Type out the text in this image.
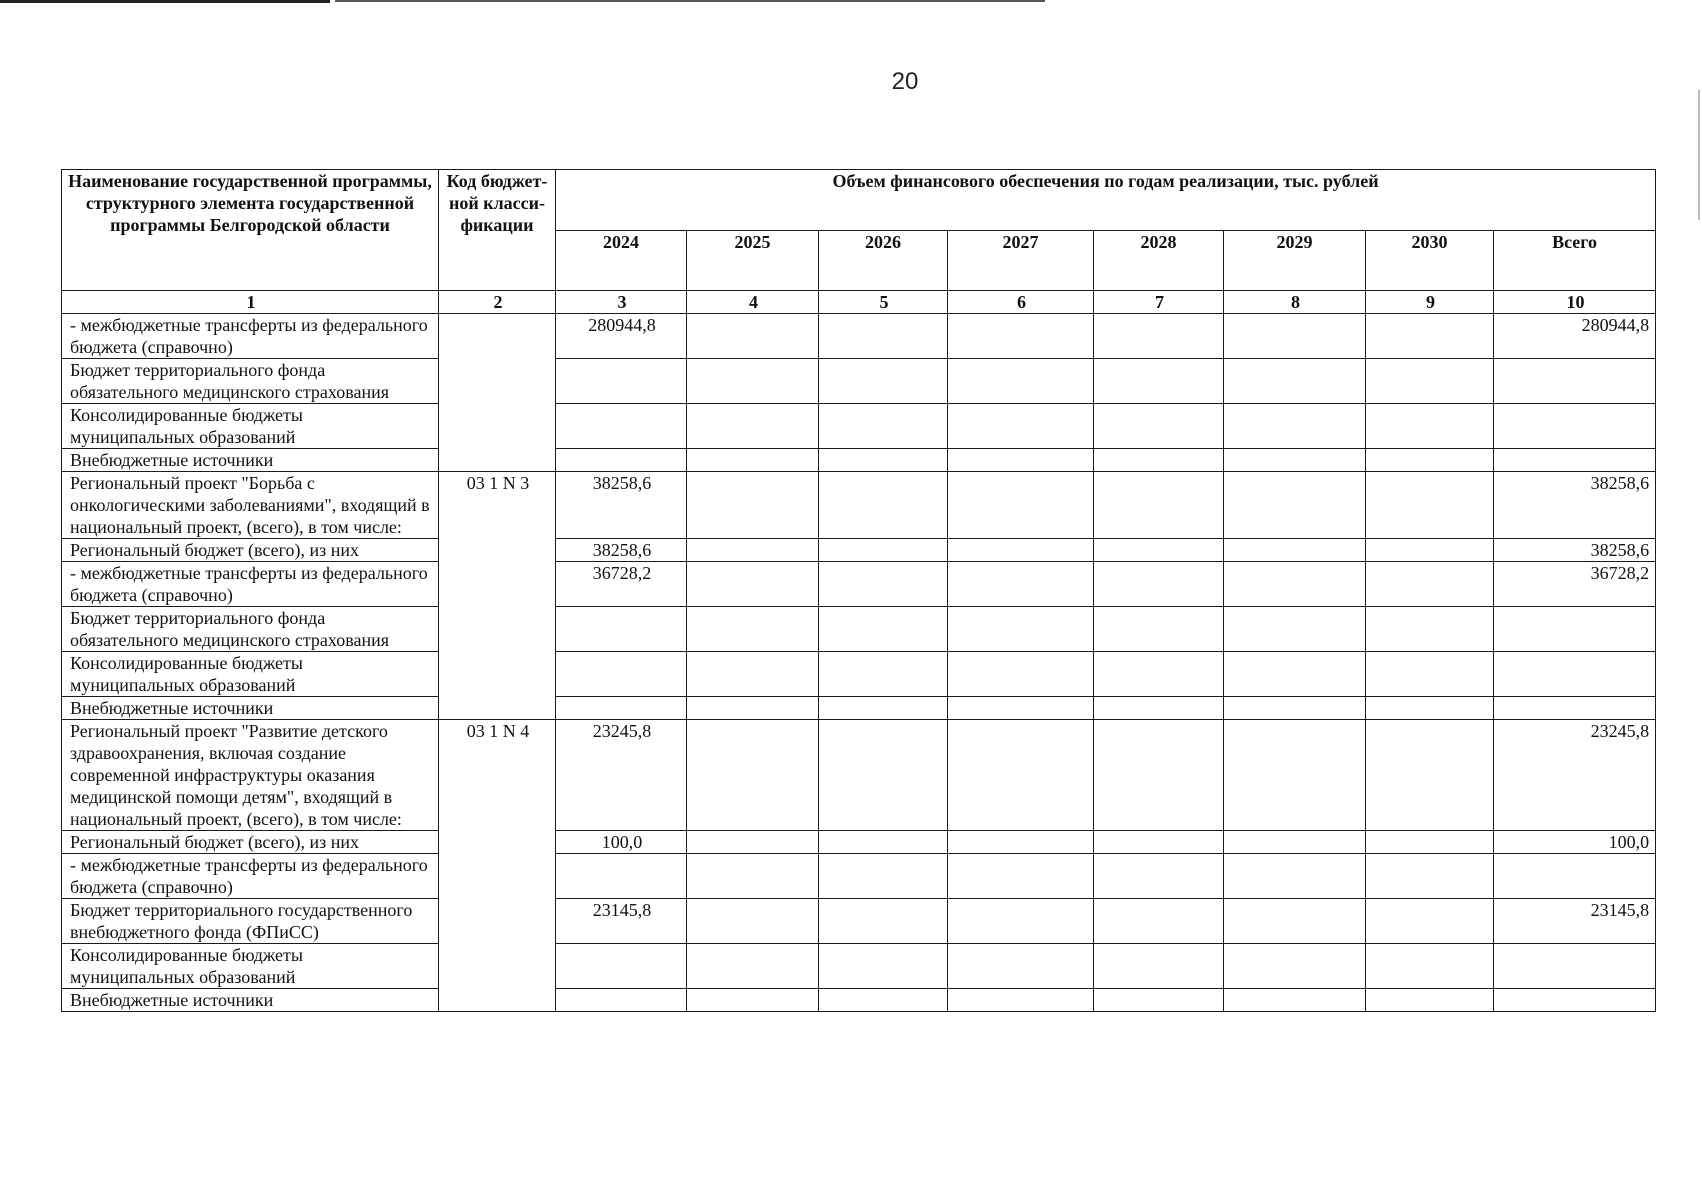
20
Наименование государственной программы, структурного элемента государственной программы Белгородской области	Код бюджет-ной класси-фикации	Объем финансового обеспечения по годам реализации, тыс. рублей							
		2024	2025	2026	2027	2028	2029	2030	Всего
1	2	3	4	5	6	7	8	9	10
- межбюджетные трансферты из федерального бюджета (справочно)		280944,8							280944,8
Бюджет территориального фонда обязательного медицинского страхования									
Консолидированные бюджеты муниципальных образований									
Внебюджетные источники									
Региональный проект "Борьба с онкологическими заболеваниями", входящий в национальный проект, (всего), в том числе:	03 1 N 3	38258,6							38258,6
Региональный бюджет (всего), из них		38258,6							38258,6
- межбюджетные трансферты из федерального бюджета (справочно)		36728,2							36728,2
Бюджет территориального фонда обязательного медицинского страхования									
Консолидированные бюджеты муниципальных образований									
Внебюджетные источники									
Региональный проект "Развитие детского здравоохранения, включая создание современной инфраструктуры оказания медицинской помощи детям", входящий в национальный проект, (всего), в том числе:	03 1 N 4	23245,8							23245,8
Региональный бюджет (всего), из них		100,0							100,0
- межбюджетные трансферты из федерального бюджета (справочно)									
Бюджет территориального государственного внебюджетного фонда (ФПиСС)		23145,8							23145,8
Консолидированные бюджеты муниципальных образований									
Внебюджетные источники									
